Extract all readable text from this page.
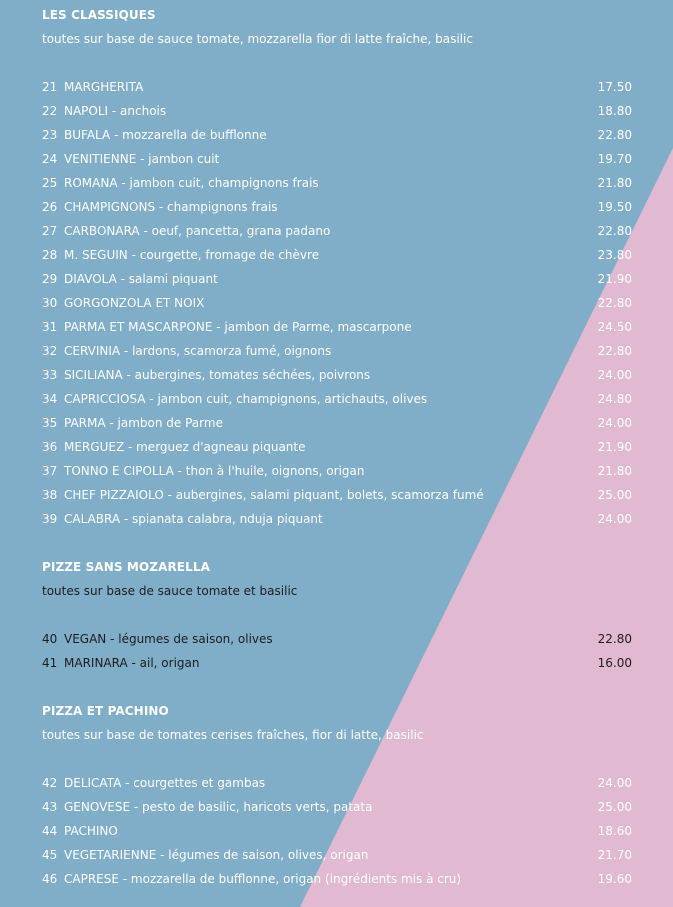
LES CLASSIQUES
toutes sur base de sauce tomate, mozzarella fior di latte fraîche, basilic
21 MARGHERITA	17.50
22 NAPOLI - anchois	18.80
23 BUFALA - mozzarella de bufflonne	22.80
24 VENITIENNE - jambon cuit	19.70
25 ROMANA - jambon cuit, champignons frais	21.80
26 CHAMPIGNONS - champignons frais	19.50
27 CARBONARA - oeuf, pancetta, grana padano	22.80
28 M. SEGUIN - courgette, fromage de chèvre	23.80
29 DIAVOLA - salami piquant	21.90
30 GORGONZOLA ET NOIX	22.80
31 PARMA ET MASCARPONE - jambon de Parme, mascarpone	24.50
32 CERVINIA - lardons, scamorza fumé, oignons	22.80
33 SICILIANA - aubergines, tomates séchées, poivrons	24.00
34 CAPRICCIOSA - jambon cuit, champignons, artichauts, olives	24.80
35 PARMA - jambon de Parme	24.00
36 MERGUEZ - merguez d'agneau piquante	21.90
37 TONNO E CIPOLLA - thon à l'huile, oignons, origan	21.80
38 CHEF PIZZAIOLO - aubergines, salami piquant, bolets, scamorza fumé	25.00
39 CALABRA - spianata calabra, nduja piquant	24.00
PIZZE SANS MOZARELLA
toutes sur base de sauce tomate et basilic
40 VEGAN - légumes de saison, olives	22.80
41 MARINARA - ail, origan	16.00
PIZZA ET PACHINO
toutes sur base de tomates cerises fraîches, fior di latte, basilic
42 DELICATA - courgettes et gambas	24.00
43 GENOVESE - pesto de basilic, haricots verts, patata	25.00
44 PACHINO	18.60
45 VEGETARIENNE - légumes de saison, olives, origan	21.70
46 CAPRESE - mozzarella de bufflonne, origan (ingrédients mis à cru)	19.60
